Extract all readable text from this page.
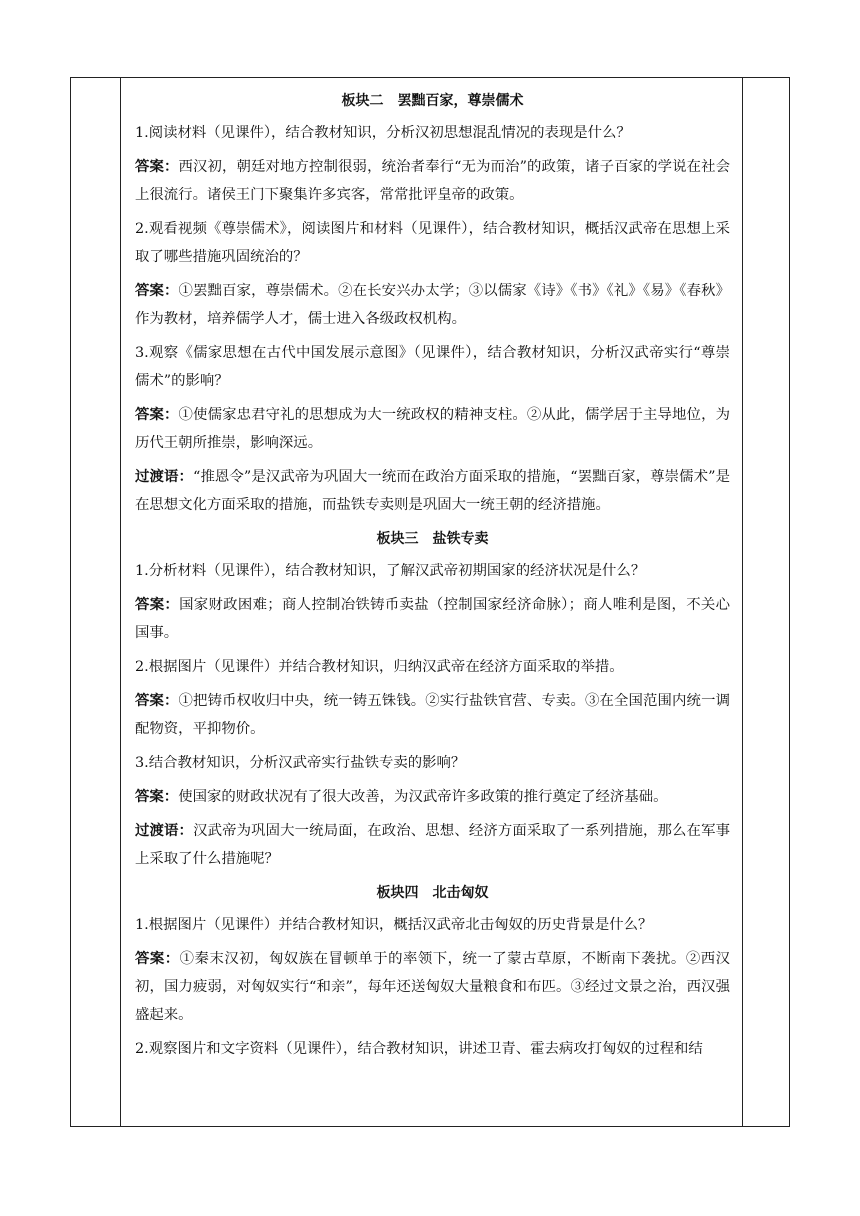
板块二　罢黜百家，尊崇儒术

1.阅读材料（见课件），结合教材知识，分析汉初思想混乱情况的表现是什么？

答案：西汉初，朝廷对地方控制很弱，统治者奉行“无为而治”的政策，诸子百家的学说在社会上很流行。诸侯王门下聚集许多宾客，常常批评皇帝的政策。

2.观看视频《尊崇儒术》，阅读图片和材料（见课件），结合教材知识，概括汉武帝在思想上采取了哪些措施巩固统治的？

答案：①罢黜百家，尊崇儒术。②在长安兴办太学；③以儒家《诗》《书》《礼》《易》《春秋》作为教材，培养儒学人才，儒士进入各级政权机构。

3.观察《儒家思想在古代中国发展示意图》（见课件），结合教材知识，分析汉武帝实行“尊崇儒术”的影响？

答案：①使儒家忠君守礼的思想成为大一统政权的精神支柱。②从此，儒学居于主导地位，为历代王朝所推崇，影响深远。

过渡语：“推恩令”是汉武帝为巩固大一统而在政治方面采取的措施，“罢黜百家，尊崇儒术”是在思想文化方面采取的措施，而盐铁专卖则是巩固大一统王朝的经济措施。

板块三　盐铁专卖

1.分析材料（见课件），结合教材知识，了解汉武帝初期国家的经济状况是什么？

答案：国家财政困难；商人控制冶铁铸币卖盐（控制国家经济命脉）；商人唯利是图，不关心国事。

2.根据图片（见课件）并结合教材知识，归纳汉武帝在经济方面采取的举措。

答案：①把铸币权收归中央，统一铸五铢钱。②实行盐铁官营、专卖。③在全国范围内统一调配物资，平抑物价。

3.结合教材知识，分析汉武帝实行盐铁专卖的影响？

答案：使国家的财政状况有了很大改善，为汉武帝许多政策的推行奠定了经济基础。

过渡语：汉武帝为巩固大一统局面，在政治、思想、经济方面采取了一系列措施，那么在军事上采取了什么措施呢？

板块四　北击匈奴

1.根据图片（见课件）并结合教材知识，概括汉武帝北击匈奴的历史背景是什么？

答案：①秦末汉初，匈奴族在冒顿单于的率领下，统一了蒙古草原，不断南下袭扰。②西汉初，国力疲弱，对匈奴实行“和亲”，每年还送匈奴大量粮食和布匹。③经过文景之治，西汉强盛起来。

2.观察图片和文字资料（见课件），结合教材知识，讲述卫青、霍去病攻打匈奴的过程和结
